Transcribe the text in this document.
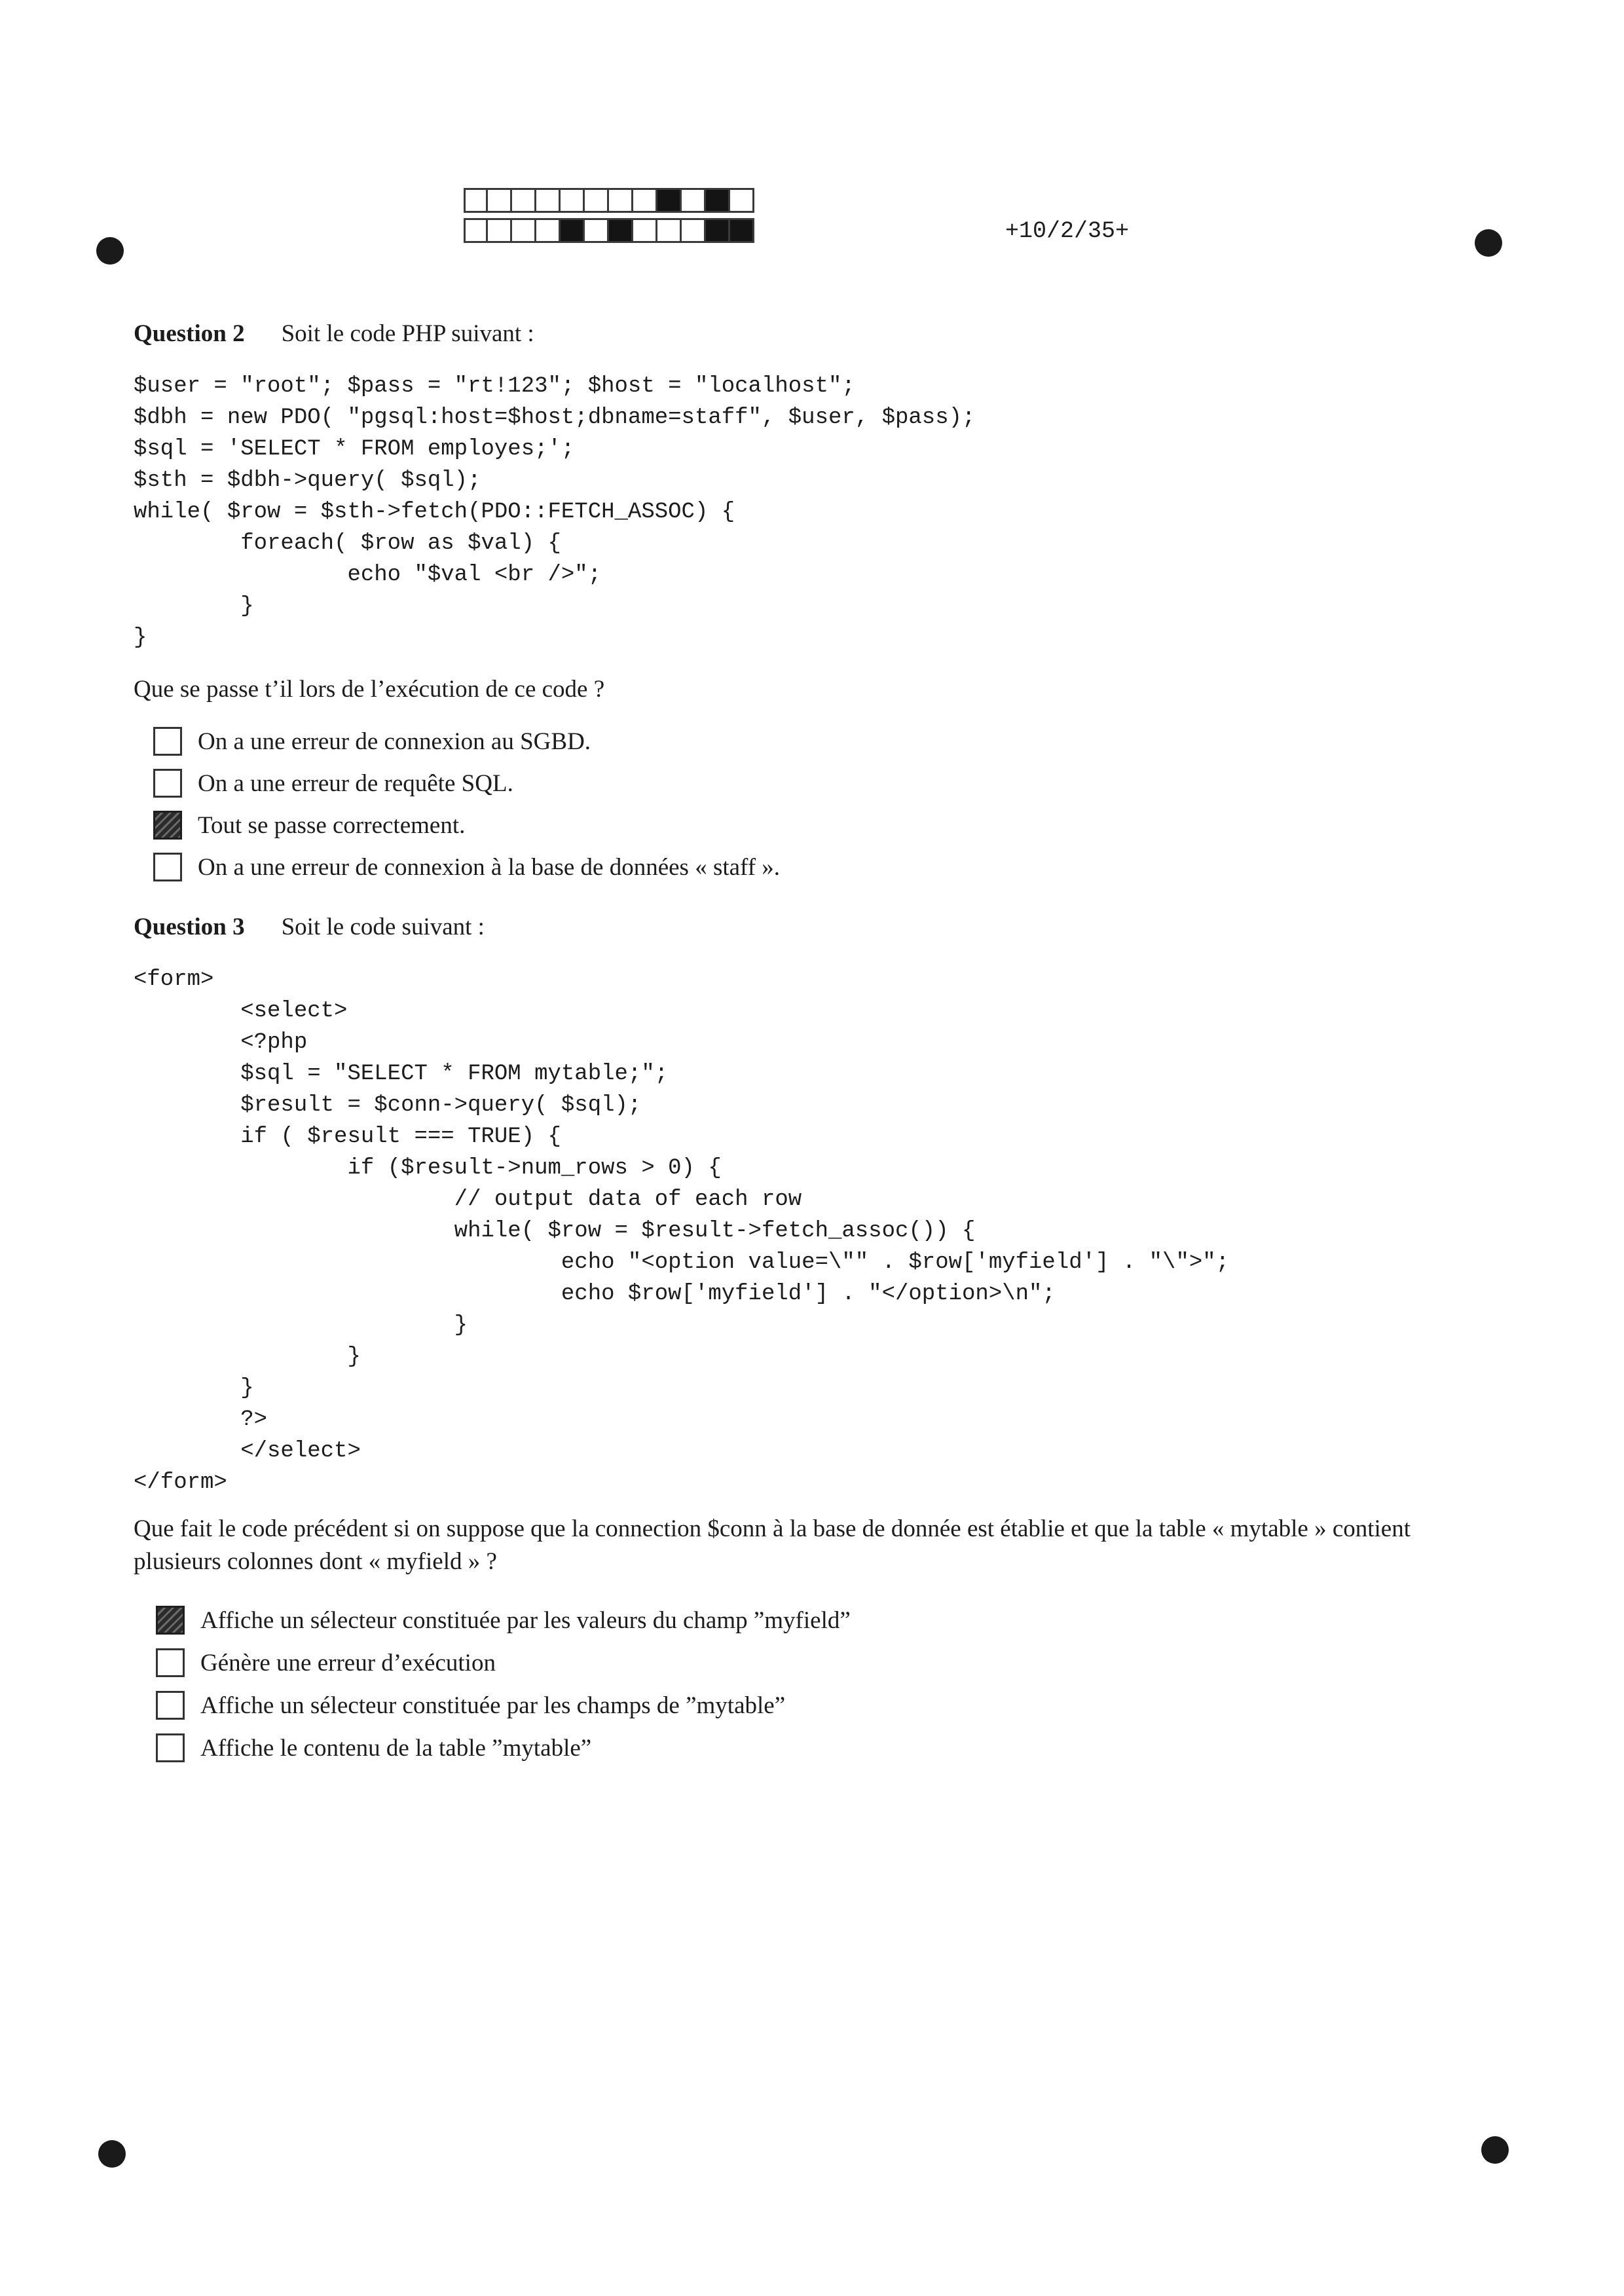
+10/2/35+
Question 2 Soit le code PHP suivant :
$user = "root"; $pass = "rt!123"; $host = "localhost";
$dbh = new PDO( "pgsql:host=$host;dbname=staff", $user, $pass);
$sql = 'SELECT * FROM employes;';
$sth = $dbh->query( $sql);
while( $row = $sth->fetch(PDO::FETCH_ASSOC) {
foreach( $row as $val) {
echo "$val <br />";
}
}
Que se passe t’il lors de l’exécution de ce code ?
On a une erreur de connexion au SGBD.
On a une erreur de requête SQL.
Tout se passe correctement.
On a une erreur de connexion à la base de données « staff ».
Question 3 Soit le code suivant :
<form>
<select>
<?php
$sql = "SELECT * FROM mytable;";
$result = $conn->query( $sql);
if ( $result === TRUE) {
if ($result->num_rows > 0) {
// output data of each row
while( $row = $result->fetch_assoc()) {
echo "<option value=\"" . $row['myfield'] . "\">";
echo $row['myfield'] . "</option>\n";
}
}
}
?>
</select>
</form>
Que fait le code précédent si on suppose que la connection $conn à la base de donnée est établie et que la table « mytable » contient plusieurs colonnes dont « myfield » ?
Affiche un sélecteur constituée par les valeurs du champ ”myfield”
Génère une erreur d’exécution
Affiche un sélecteur constituée par les champs de ”mytable”
Affiche le contenu de la table ”mytable”
